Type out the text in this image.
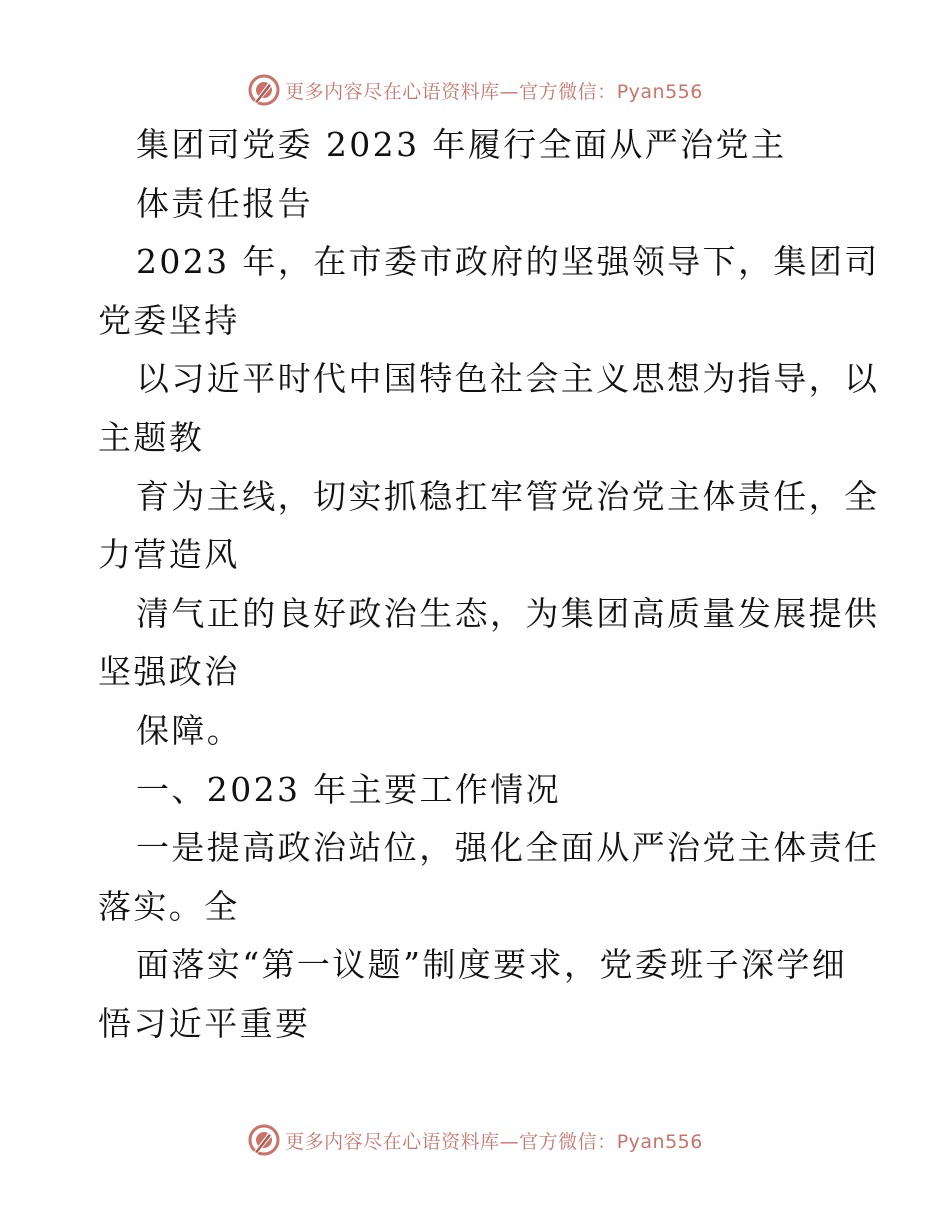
更多内容尽在心语资料库—官方微信：Pyan556
集团司党委 2023 年履行全面从严治党主
体责任报告
2023 年，在市委市政府的坚强领导下，集团司
党委坚持
以习近平时代中国特色社会主义思想为指导，以
主题教
育为主线，切实抓稳扛牢管党治党主体责任，全
力营造风
清气正的良好政治生态，为集团高质量发展提供
坚强政治
保障。
一、2023 年主要工作情况
一是提高政治站位，强化全面从严治党主体责任
落实。全
面落实“第一议题”制度要求，党委班子深学细
悟习近平重要
更多内容尽在心语资料库—官方微信：Pyan556
